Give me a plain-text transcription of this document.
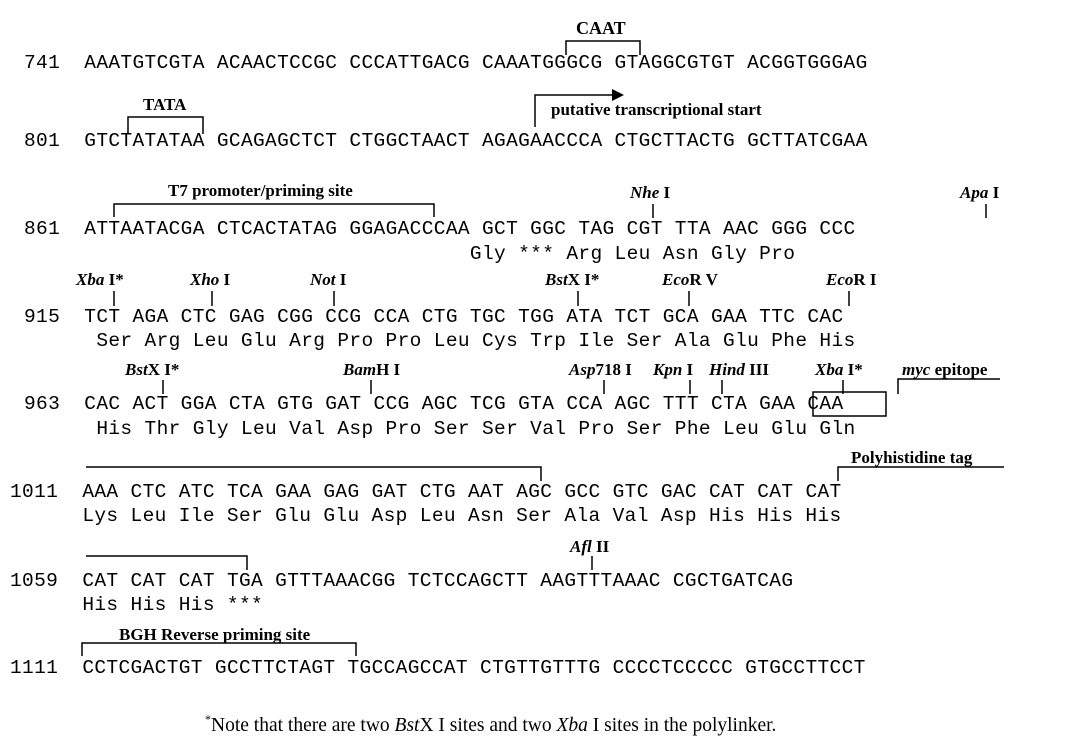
741 AAATGTCGTA ACAACTCCGC CCCATTGACG CAAATGGGCG GTAGGCGTGT ACGGTGGGAG
801 GTCTATATAA GCAGAGCTCT CTGGCTAACT AGAGAACCCA CTGCTTACTG GCTTATCGAA
861 ATTAATACGA CTCACTATAG GGAGACCCAA GCT GGC TAG CGT TTA AAC GGG CCC
Gly *** Arg Leu Asn Gly Pro
915 TCT AGA CTC GAG CGG CCG CCA CTG TGC TGG ATA TCT GCA GAA TTC CAC
Ser Arg Leu Glu Arg Pro Pro Leu Cys Trp Ile Ser Ala Glu Phe His
963 CAC ACT GGA CTA GTG GAT CCG AGC TCG GTA CCA AGC TTT CTA GAA CAA
His Thr Gly Leu Val Asp Pro Ser Ser Val Pro Ser Phe Leu Glu Gln
1011 AAA CTC ATC TCA GAA GAG GAT CTG AAT AGC GCC GTC GAC CAT CAT CAT
Lys Leu Ile Ser Glu Glu Asp Leu Asn Ser Ala Val Asp His His His
1059 CAT CAT CAT TGA GTTTAAACGG TCTCCAGCTT AAGTTTAAAC CGCTGATCAG
His His His ***
1111 CCTCGACTGT GCCTTCTAGT TGCCAGCCAT CTGTTGTTTG CCCCTCCCCC GTGCCTTCCT
CAAT
TATA	putative transcriptional start
T7 promoter/priming site	Nhe I	Apa I
Xba I*	Xho I	Not I	BstX I*	EcoR V	EcoR I
BstX I*	BamH I	Asp718 I Kpn I Hind III	Xba I* myc epitope
Polyhistidine tag
Afl II
BGH Reverse priming site
*Note that there are two BstX I sites and two Xba I sites in the polylinker.
